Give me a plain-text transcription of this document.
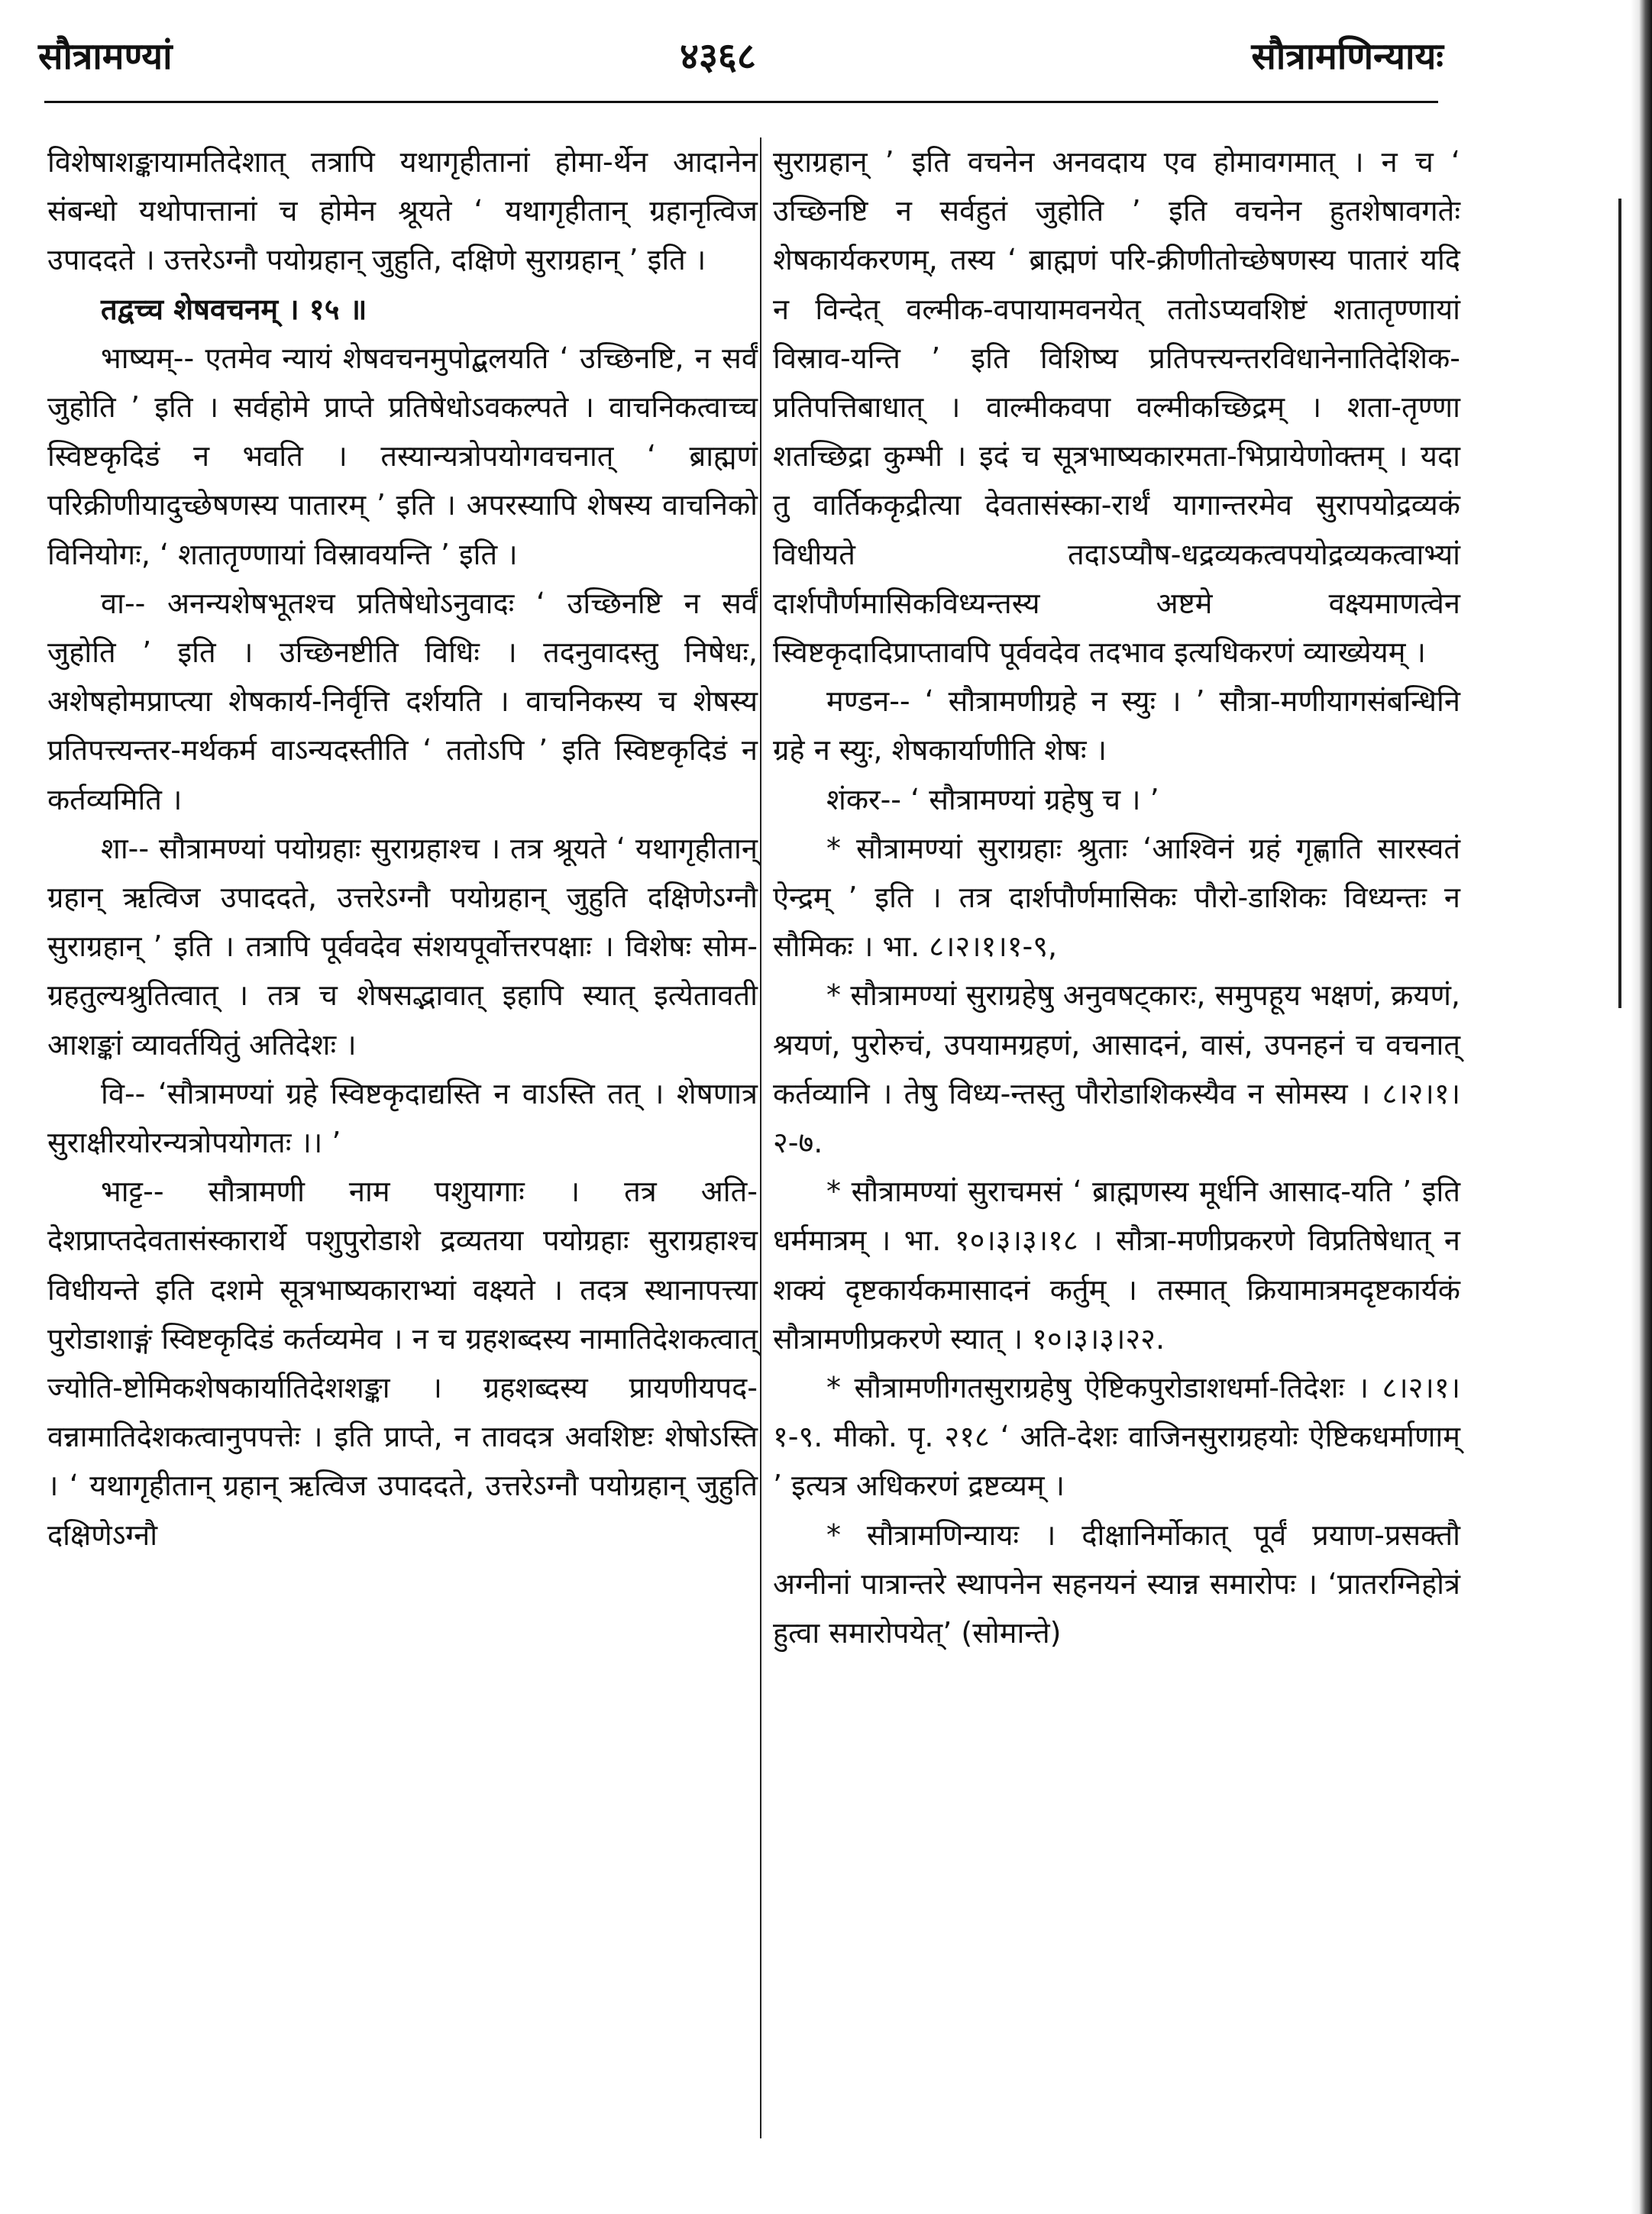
सौत्रामण्यां	४३६८	सौत्रामणिन्यायः

विशेषाशङ्कायामतिदेशात् तत्रापि यथागृहीतानां होमा-र्थेन आदानेन संबन्धो यथोपात्तानां च होमेन श्रूयते ‘ यथागृहीतान् ग्रहानृत्विज उपाददते । उत्तरेऽग्नौ पयोग्रहान् जुहुति, दक्षिणे सुराग्रहान् ’ इति ।

तद्वच्च शेषवचनम् । १५ ॥

भाष्यम्-- एतमेव न्यायं शेषवचनमुपोद्बलयति ‘ उच्छिनष्टि, न सर्वं जुहोति ’ इति । सर्वहोमे प्राप्ते प्रतिषेधोऽवकल्पते । वाचनिकत्वाच्च स्विष्टकृदिडं न भवति । तस्यान्यत्रोपयोगवचनात् ‘ ब्राह्मणं परिक्रीणीयादुच्छेषणस्य पातारम् ’ इति । अपरस्यापि शेषस्य वाचनिको विनियोगः, ‘ शतातृण्णायां विस्रावयन्ति ’ इति ।

वा-- अनन्यशेषभूतश्च प्रतिषेधोऽनुवादः ‘ उच्छिनष्टि न सर्वं जुहोति ’ इति । उच्छिनष्टीति विधिः । तदनुवादस्तु निषेधः, अशेषहोमप्राप्त्या शेषकार्य-निर्वृत्ति दर्शयति । वाचनिकस्य च शेषस्य प्रतिपत्त्यन्तर-मर्थकर्म वाऽन्यदस्तीति ‘ ततोऽपि ’ इति स्विष्टकृदिडं न कर्तव्यमिति ।

शा-- सौत्रामण्यां पयोग्रहाः सुराग्रहाश्च । तत्र श्रूयते ‘ यथागृहीतान् ग्रहान् ऋत्विज उपाददते, उत्तरेऽग्नौ पयोग्रहान् जुहुति दक्षिणेऽग्नौ सुराग्रहान् ’ इति । तत्रापि पूर्ववदेव संशयपूर्वोत्तरपक्षाः । विशेषः सोम-ग्रहतुल्यश्रुतित्वात् । तत्र च शेषसद्भावात् इहापि स्यात् इत्येतावती आशङ्कां व्यावर्तयितुं अतिदेशः ।

वि-- ‘सौत्रामण्यां ग्रहे स्विष्टकृदाद्यस्ति न वाऽस्ति तत् । शेषणात्र सुराक्षीरयोरन्यत्रोपयोगतः ।। ’

भाट्ट-- सौत्रामणी नाम पशुयागाः । तत्र अति-देशप्राप्तदेवतासंस्कारार्थे पशुपुरोडाशे द्रव्यतया पयोग्रहाः सुराग्रहाश्च विधीयन्ते इति दशमे सूत्रभाष्यकाराभ्यां वक्ष्यते । तदत्र स्थानापत्त्या पुरोडाशाङ्गं स्विष्टकृदिडं कर्तव्यमेव । न च ग्रहशब्दस्य नामातिदेशकत्वात् ज्योति-ष्टोमिकशेषकार्यातिदेशशङ्का । ग्रहशब्दस्य प्रायणीयपद-वन्नामातिदेशकत्वानुपपत्तेः । इति प्राप्ते, न तावदत्र अवशिष्टः शेषोऽस्ति । ‘ यथागृहीतान् ग्रहान् ऋत्विज उपाददते, उत्तरेऽग्नौ पयोग्रहान् जुहुति दक्षिणेऽग्नौ

सुराग्रहान् ’ इति वचनेन अनवदाय एव होमावगमात् । न च ‘ उच्छिनष्टि न सर्वहुतं जुहोति ’ इति वचनेन हुतशेषावगतेः शेषकार्यकरणम्, तस्य ‘ ब्राह्मणं परि-क्रीणीतोच्छेषणस्य पातारं यदि न विन्देत् वल्मीक-वपायामवनयेत् ततोऽप्यवशिष्टं शतातृण्णायां विस्राव-यन्ति ’ इति विशिष्य प्रतिपत्त्यन्तरविधानेनातिदेशिक-प्रतिपत्तिबाधात् । वाल्मीकवपा वल्मीकच्छिद्रम् । शता-तृण्णा शतच्छिद्रा कुम्भी । इदं च सूत्रभाष्यकारमता-भिप्रायेणोक्तम् । यदा तु वार्तिककृद्रीत्या देवतासंस्का-रार्थं यागान्तरमेव सुरापयोद्रव्यकं विधीयते तदाऽप्यौष-धद्रव्यकत्वपयोद्रव्यकत्वाभ्यां दार्शपौर्णमासिकविध्यन्तस्य अष्टमे वक्ष्यमाणत्वेन स्विष्टकृदादिप्राप्तावपि पूर्ववदेव तदभाव इत्यधिकरणं व्याख्येयम् ।

मण्डन-- ‘ सौत्रामणीग्रहे न स्युः । ’ सौत्रा-मणीयागसंबन्धिनि ग्रहे न स्युः, शेषकार्याणीति शेषः ।

शंकर-- ‘ सौत्रामण्यां ग्रहेषु च । ’

* सौत्रामण्यां सुराग्रहाः श्रुताः ‘आश्विनं ग्रहं गृह्णाति सारस्वतं ऐन्द्रम् ’ इति । तत्र दार्शपौर्णमासिकः पौरो-डाशिकः विध्यन्तः न सौमिकः । भा. ८।२।१।१-९,

* सौत्रामण्यां सुराग्रहेषु अनुवषट्कारः, समुपहूय भक्षणं, क्रयणं, श्रयणं, पुरोरुचं, उपयामग्रहणं, आसादनं, वासं, उपनहनं च वचनात् कर्तव्यानि । तेषु विध्य-न्तस्तु पौरोडाशिकस्यैव न सोमस्य । ८।२।१।२-७.

* सौत्रामण्यां सुराचमसं ‘ ब्राह्मणस्य मूर्धनि आसाद-यति ’ इति धर्ममात्रम् । भा. १०।३।३।१८ । सौत्रा-मणीप्रकरणे विप्रतिषेधात् न शक्यं दृष्टकार्यकमासादनं कर्तुम् । तस्मात् क्रियामात्रमदृष्टकार्यकं सौत्रामणीप्रकरणे स्यात् । १०।३।३।२२.

* सौत्रामणीगतसुराग्रहेषु ऐष्टिकपुरोडाशधर्मा-तिदेशः । ८।२।१।१-९. मीको. पृ. २१८ ‘ अति-देशः वाजिनसुराग्रहयोः ऐष्टिकधर्माणाम् ’ इत्यत्र अधिकरणं द्रष्टव्यम् ।

* सौत्रामणिन्यायः । दीक्षानिर्मोकात् पूर्वं प्रयाण-प्रसक्तौ अग्नीनां पात्रान्तरे स्थापनेन सहनयनं स्यान्न समारोपः । ‘प्रातरग्निहोत्रं हुत्वा समारोपयेत्’ (सोमान्ते)
